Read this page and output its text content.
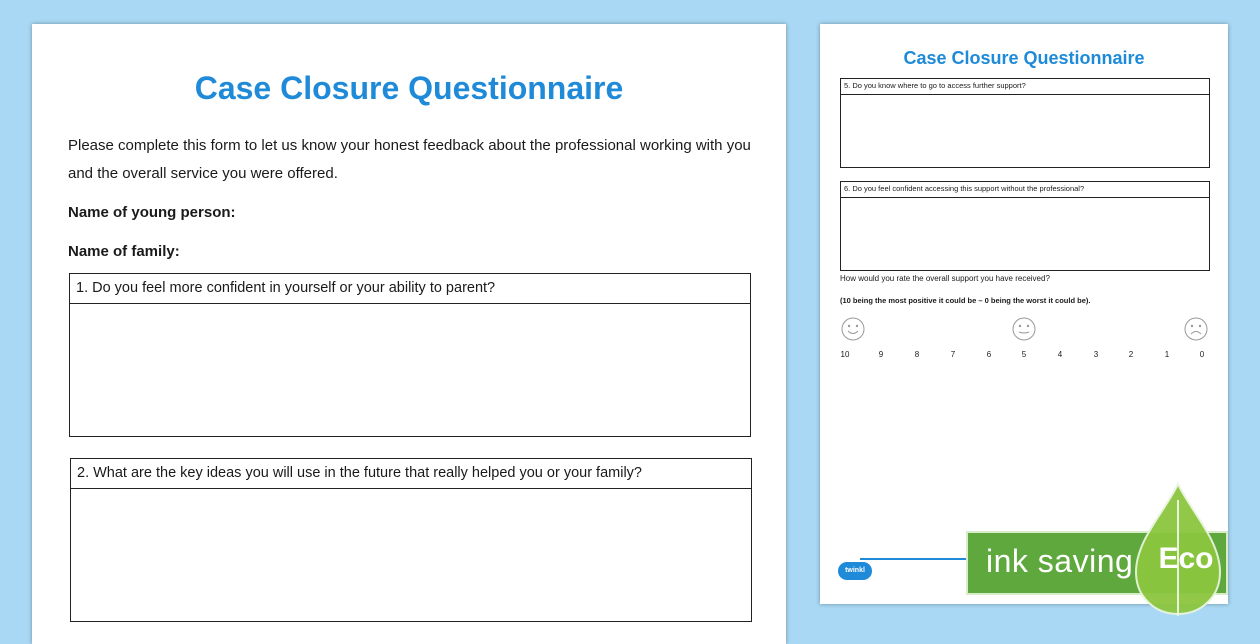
Case Closure Questionnaire
Please complete this form to let us know your honest feedback about the professional working with you and the overall service you were offered.
Name of young person:
Name of family:
1. Do you feel more confident in yourself or your ability to parent?
2. What are the key ideas you will use in the future that really helped you or your family?
Case Closure Questionnaire
5. Do you know where to go to access further support?
6. Do you feel confident accessing this support without the professional?
How would you rate the overall support you have received?
(10 being the most positive it could be – 0 being the worst it could be).
10	9	8	7	6	5	4	3	2	1	0
twinkl	ink saving Eco
